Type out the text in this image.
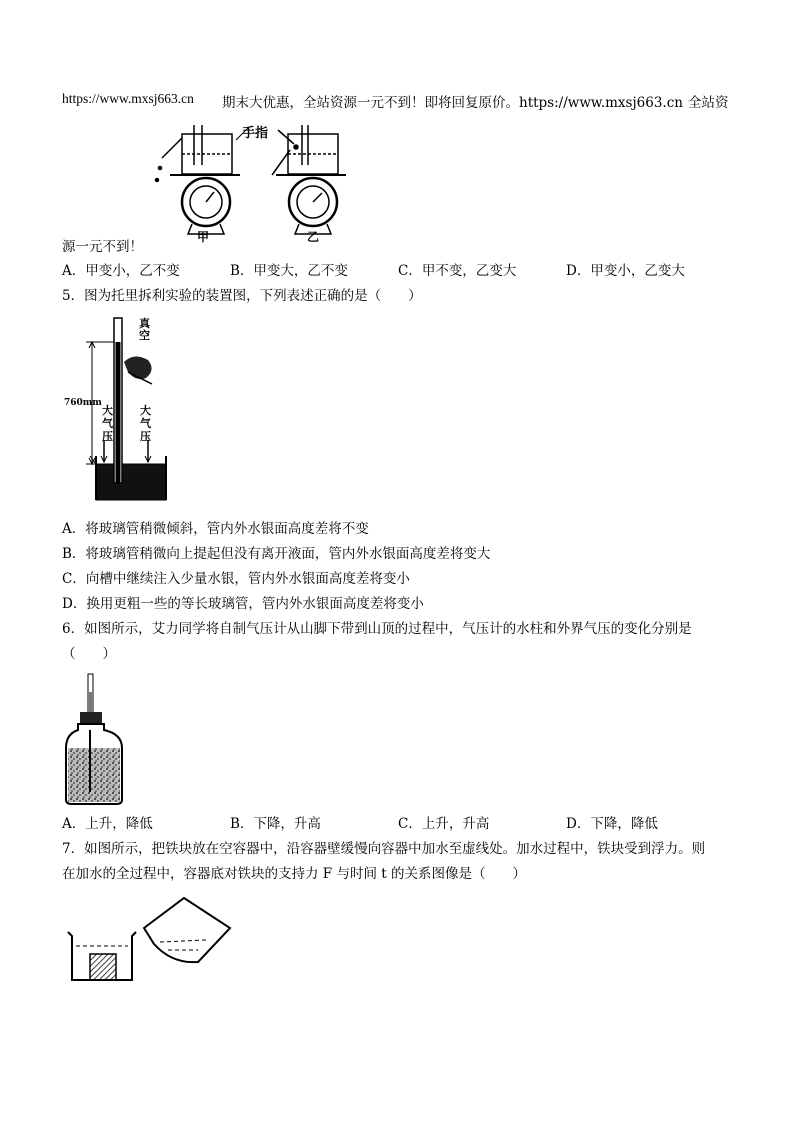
https://www.mxsj663.cn 期末大优惠，全站资源一元不到！即将回复原价。https://www.mxsj663.cn 全站资
手指
甲	乙
源一元不到！
A．甲变小，乙不变	B．甲变大，乙不变	C．甲不变，乙变大	D．甲变小，乙变大
5．图为托里拆利实验的装置图，下列表述正确的是（　　）
真空
760mm
大气压
大气压
A．将玻璃管稍微倾斜，管内外水银面高度差将不变
B．将玻璃管稍微向上提起但没有离开液面，管内外水银面高度差将变大
C．向槽中继续注入少量水银，管内外水银面高度差将变小
D．换用更粗一些的等长玻璃管，管内外水银面高度差将变小
6．如图所示，艾力同学将自制气压计从山脚下带到山顶的过程中，气压计的水柱和外界气压的变化分别是
（　　）
A．上升，降低	B．下降，升高	C．上升，升高	D．下降，降低
7．如图所示，把铁块放在空容器中，沿容器壁缓慢向容器中加水至虚线处。加水过程中，铁块受到浮力。则
在加水的全过程中，容器底对铁块的支持力 F 与时间 t 的关系图像是（　　）
